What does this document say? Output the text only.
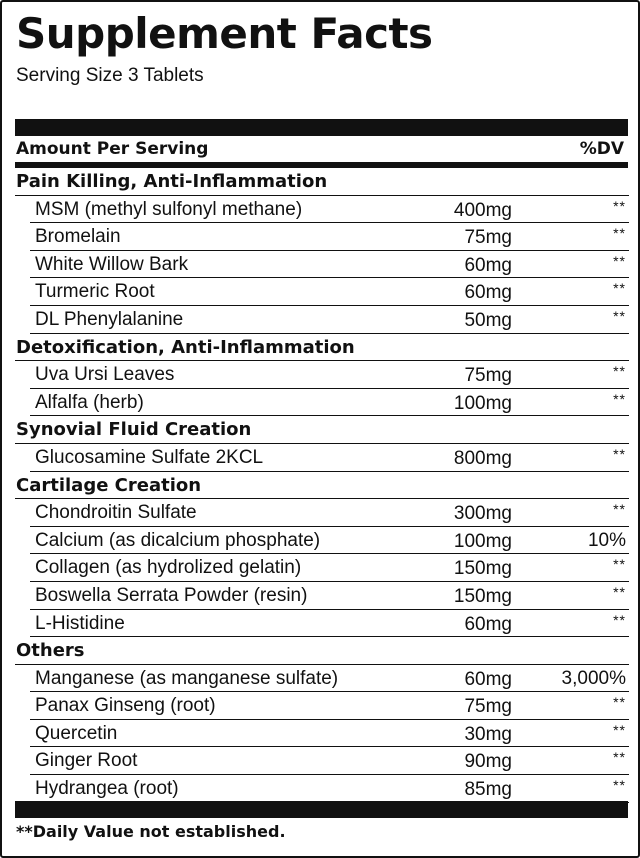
Supplement Facts
Serving Size 3 Tablets
Amount Per Serving	%DV
Pain Killing, Anti-Inflammation
MSM (methyl sulfonyl methane)	400mg	**
Bromelain	75mg	**
White Willow Bark	60mg	**
Turmeric Root	60mg	**
DL Phenylalanine	50mg	**
Detoxification, Anti-Inflammation
Uva Ursi Leaves	75mg	**
Alfalfa (herb)	100mg	**
Synovial Fluid Creation
Glucosamine Sulfate 2KCL	800mg	**
Cartilage Creation
Chondroitin Sulfate	300mg	**
Calcium (as dicalcium phosphate)	100mg	10%
Collagen (as hydrolized gelatin)	150mg	**
Boswella Serrata Powder (resin)	150mg	**
L-Histidine	60mg	**
Others
Manganese (as manganese sulfate)	60mg	3,000%
Panax Ginseng (root)	75mg	**
Quercetin	30mg	**
Ginger Root	90mg	**
Hydrangea (root)	85mg	**
**Daily Value not established.
